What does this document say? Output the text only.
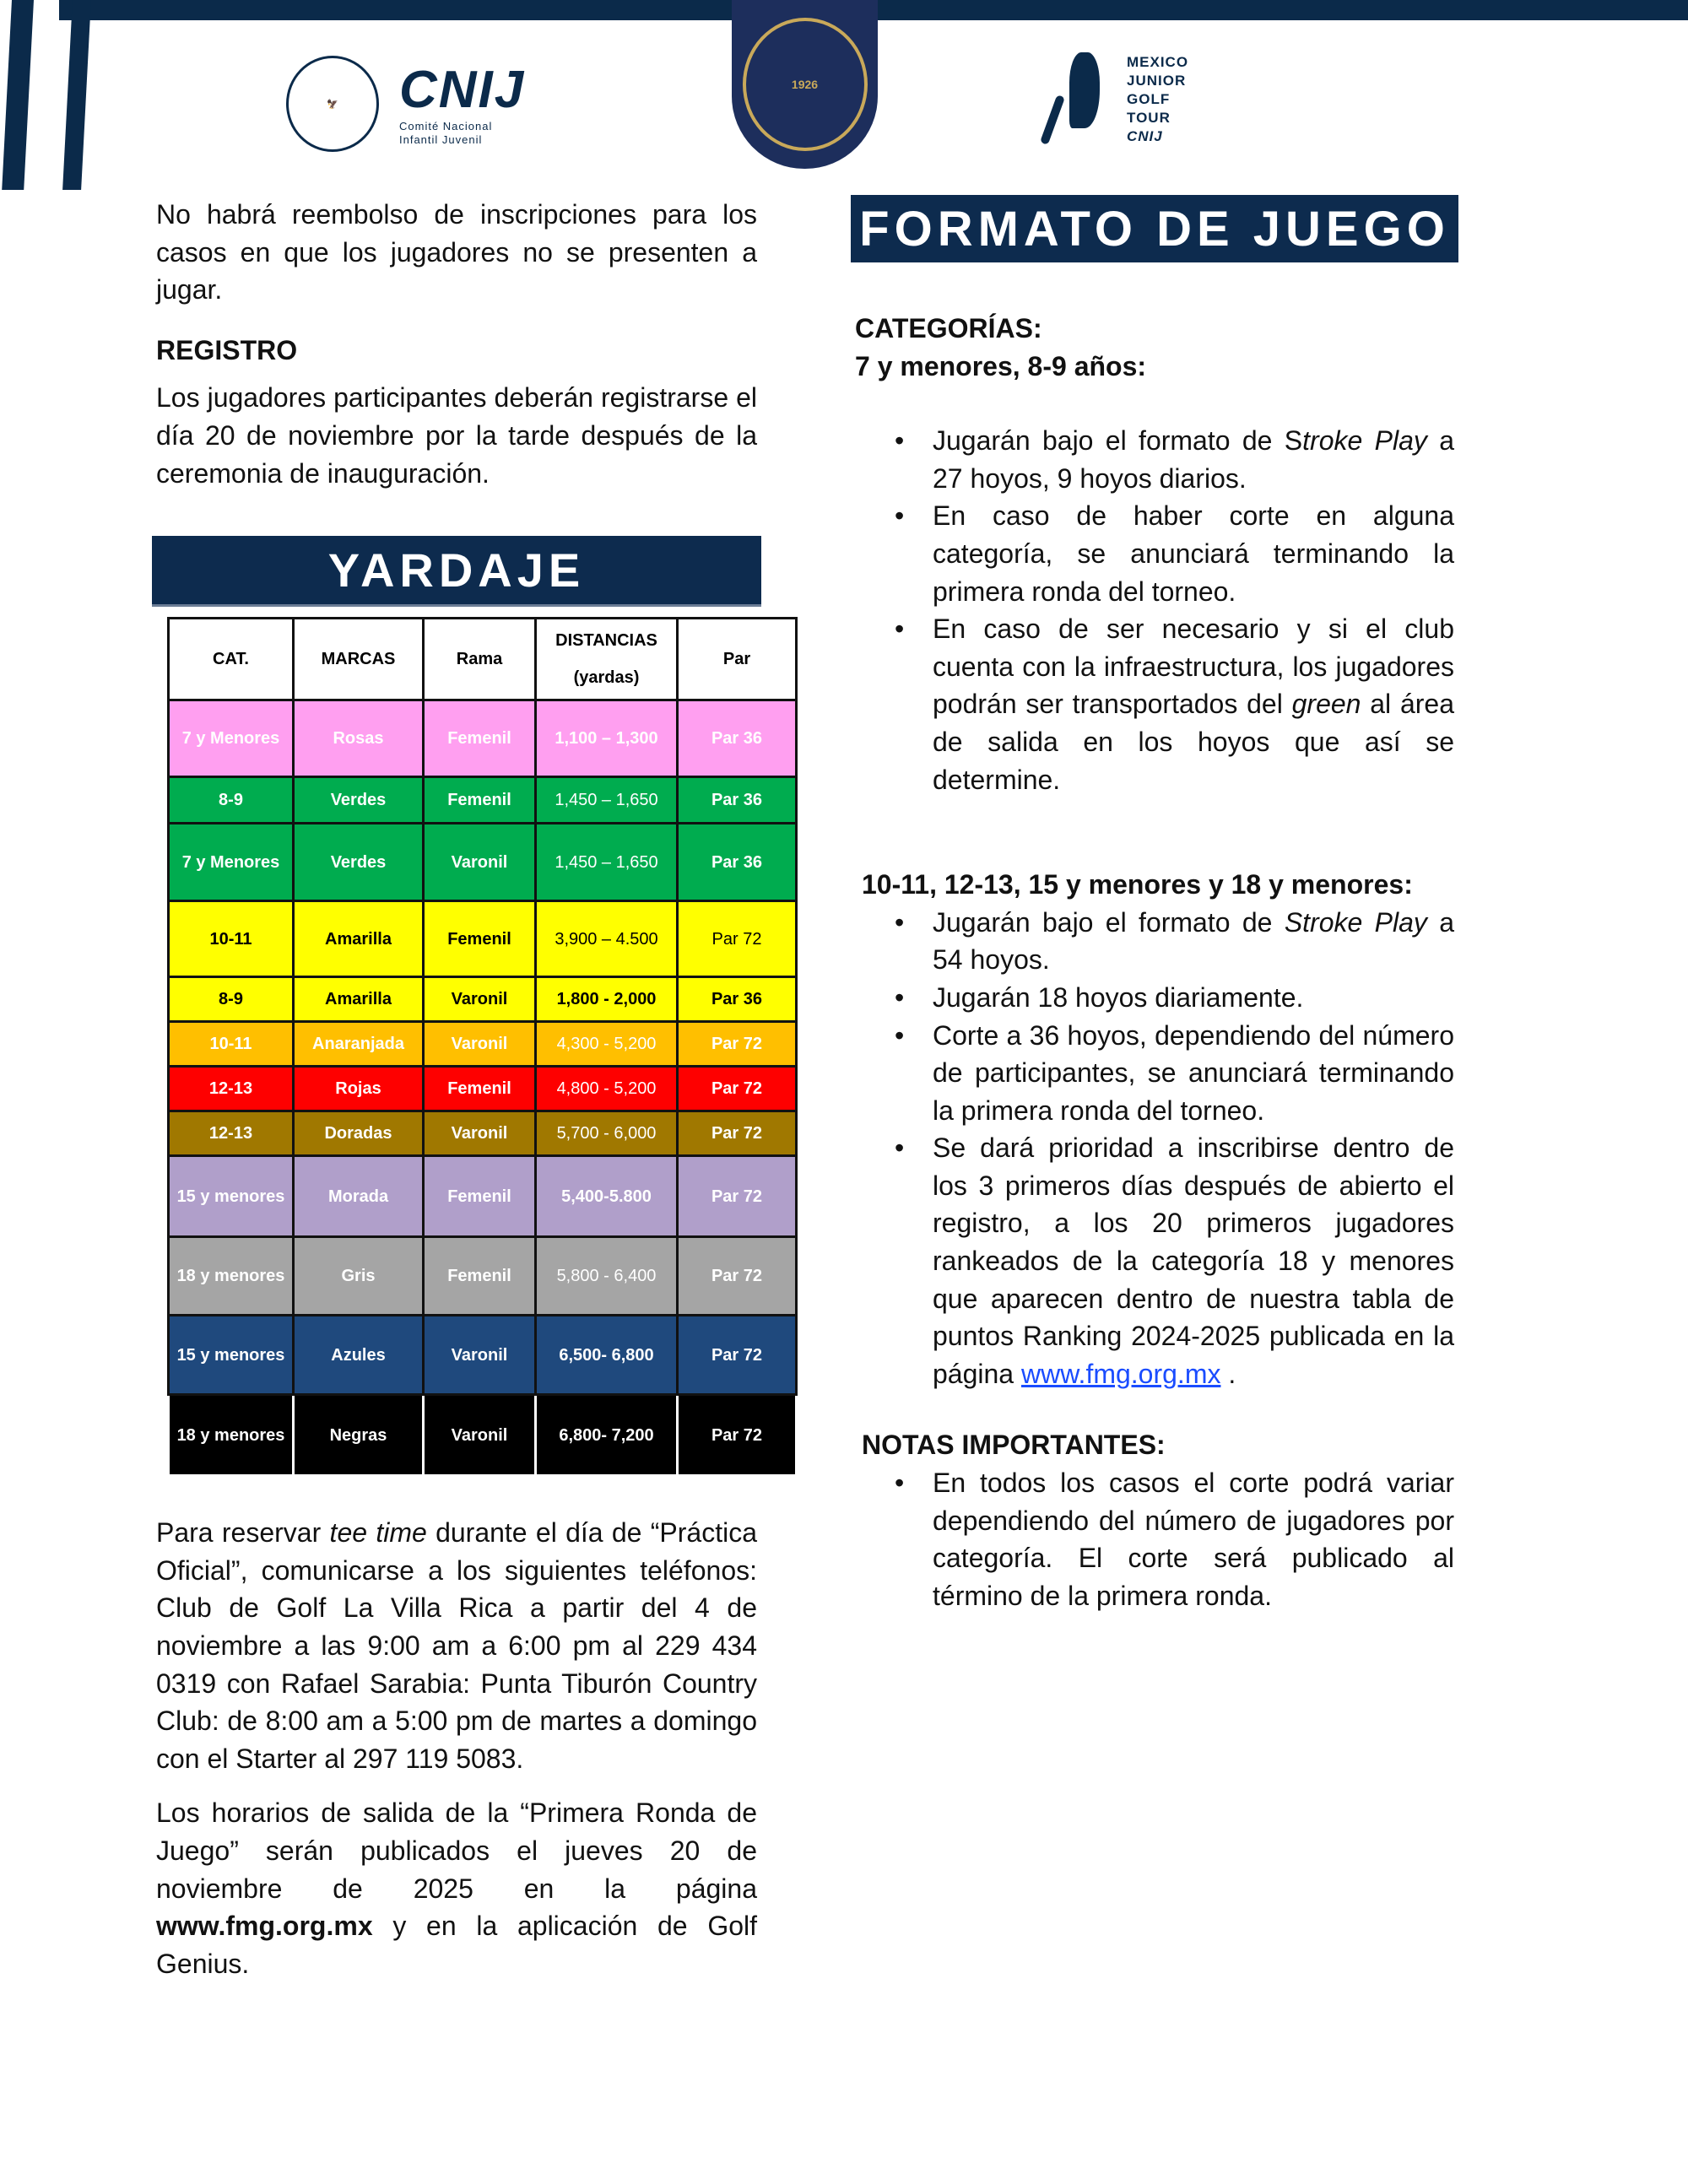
🦅	CNIJ
Comité Nacional
Infantil Juvenil
1926
MEXICO
JUNIOR
GOLF
TOUR
CNIJ
No habrá reembolso de inscripciones para los casos en que los jugadores no se presenten a jugar.
REGISTRO
Los jugadores participantes deberán registrarse el día 20 de noviembre por la tarde después de la ceremonia de inauguración.
YARDAJE
CAT.	MARCAS	Rama	DISTANCIAS (yardas)	Par
7 y Menores	Rosas	Femenil	1,100 – 1,300	Par 36
8-9	Verdes	Femenil	1,450 – 1,650	Par 36
7 y Menores	Verdes	Varonil	1,450 – 1,650	Par 36
10-11	Amarilla	Femenil	3,900 – 4.500	Par 72
8-9	Amarilla	Varonil	1,800 - 2,000	Par 36
10-11	Anaranjada	Varonil	4,300 - 5,200	Par 72
12-13	Rojas	Femenil	4,800 - 5,200	Par 72
12-13	Doradas	Varonil	5,700 - 6,000	Par 72
15 y menores	Morada	Femenil	5,400-5.800	Par 72
18 y menores	Gris	Femenil	5,800 - 6,400	Par 72
15 y menores	Azules	Varonil	6,500- 6,800	Par 72
18 y menores	Negras	Varonil	6,800- 7,200	Par 72
Para reservar tee time durante el día de “Práctica Oficial”, comunicarse a los siguientes teléfonos: Club de Golf La Villa Rica a partir del 4 de noviembre a las 9:00 am a 6:00 pm al 229 434 0319 con Rafael Sarabia: Punta Tiburón Country Club: de 8:00 am a 5:00 pm de martes a domingo con el Starter al 297 119 5083.
Los horarios de salida de la “Primera Ronda de Juego” serán publicados el jueves 20 de noviembre de 2025 en la página www.fmg.org.mx y en la aplicación de Golf Genius.
FORMATO DE JUEGO
CATEGORÍAS:
7 y menores, 8-9 años:
• Jugarán bajo el formato de Stroke Play a 27 hoyos, 9 hoyos diarios.
• En caso de haber corte en alguna categoría, se anunciará terminando la primera ronda del torneo.
• En caso de ser necesario y si el club cuenta con la infraestructura, los jugadores podrán ser transportados del green al área de salida en los hoyos que así se determine.
10-11, 12-13, 15 y menores y 18 y menores:
• Jugarán bajo el formato de Stroke Play a 54 hoyos.
• Jugarán 18 hoyos diariamente.
• Corte a 36 hoyos, dependiendo del número de participantes, se anunciará terminando la primera ronda del torneo.
• Se dará prioridad a inscribirse dentro de los 3 primeros días después de abierto el registro, a los 20 primeros jugadores rankeados de la categoría 18 y menores que aparecen dentro de nuestra tabla de puntos Ranking 2024-2025 publicada en la página www.fmg.org.mx .
NOTAS IMPORTANTES:
• En todos los casos el corte podrá variar dependiendo del número de jugadores por categoría. El corte será publicado al término de la primera ronda.
